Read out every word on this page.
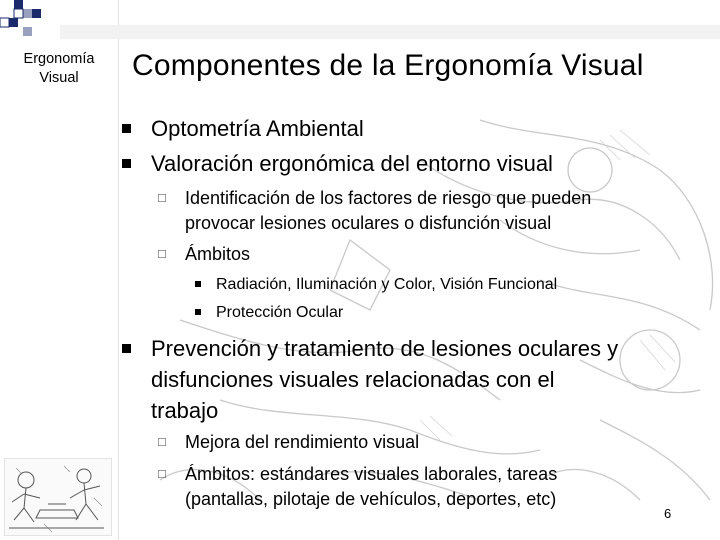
Ergonomía
Visual	Componentes de la Ergonomía Visual
Optometría Ambiental
Valoración ergonómica del entorno visual
□ Identificación de los factores de riesgo que pueden
provocar lesiones oculares o disfunción visual
□ Ámbitos
Radiación, Iluminación y Color, Visión Funcional
Protección Ocular
Prevención y tratamiento de lesiones oculares y
disfunciones visuales relacionadas con el
trabajo
□ Mejora del rendimiento visual
□ Ámbitos: estándares visuales laborales, tareas
(pantallas, pilotaje de vehículos, deportes, etc)
6
